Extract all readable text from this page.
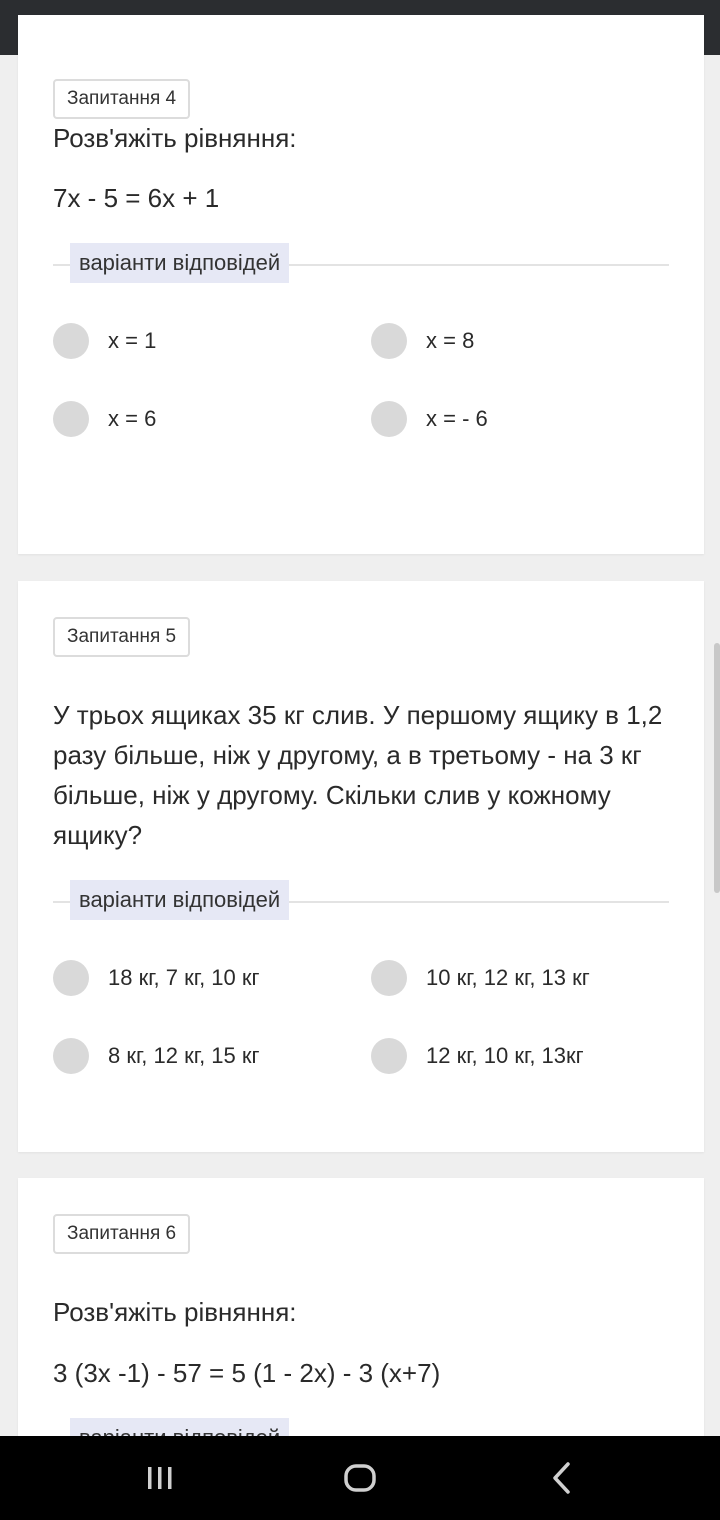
Запитання 4
Розв'яжіть рівняння:
7x - 5 = 6x + 1
варіанти відповідей
x = 1	x = 8
x = 6	x = - 6
Запитання 5
У трьох ящиках 35 кг слив. У першому ящику в 1,2 разу більше, ніж у другому, а в третьому - на 3 кг більше, ніж у другому. Скільки слив у кожному ящику?
варіанти відповідей
18 кг, 7 кг, 10 кг	10 кг, 12 кг, 13 кг
8 кг, 12 кг, 15 кг	12 кг, 10 кг, 13кг
Запитання 6
Розв'яжіть рівняння:
3 (3x -1) - 57 = 5 (1 - 2x) - 3 (x+7)
